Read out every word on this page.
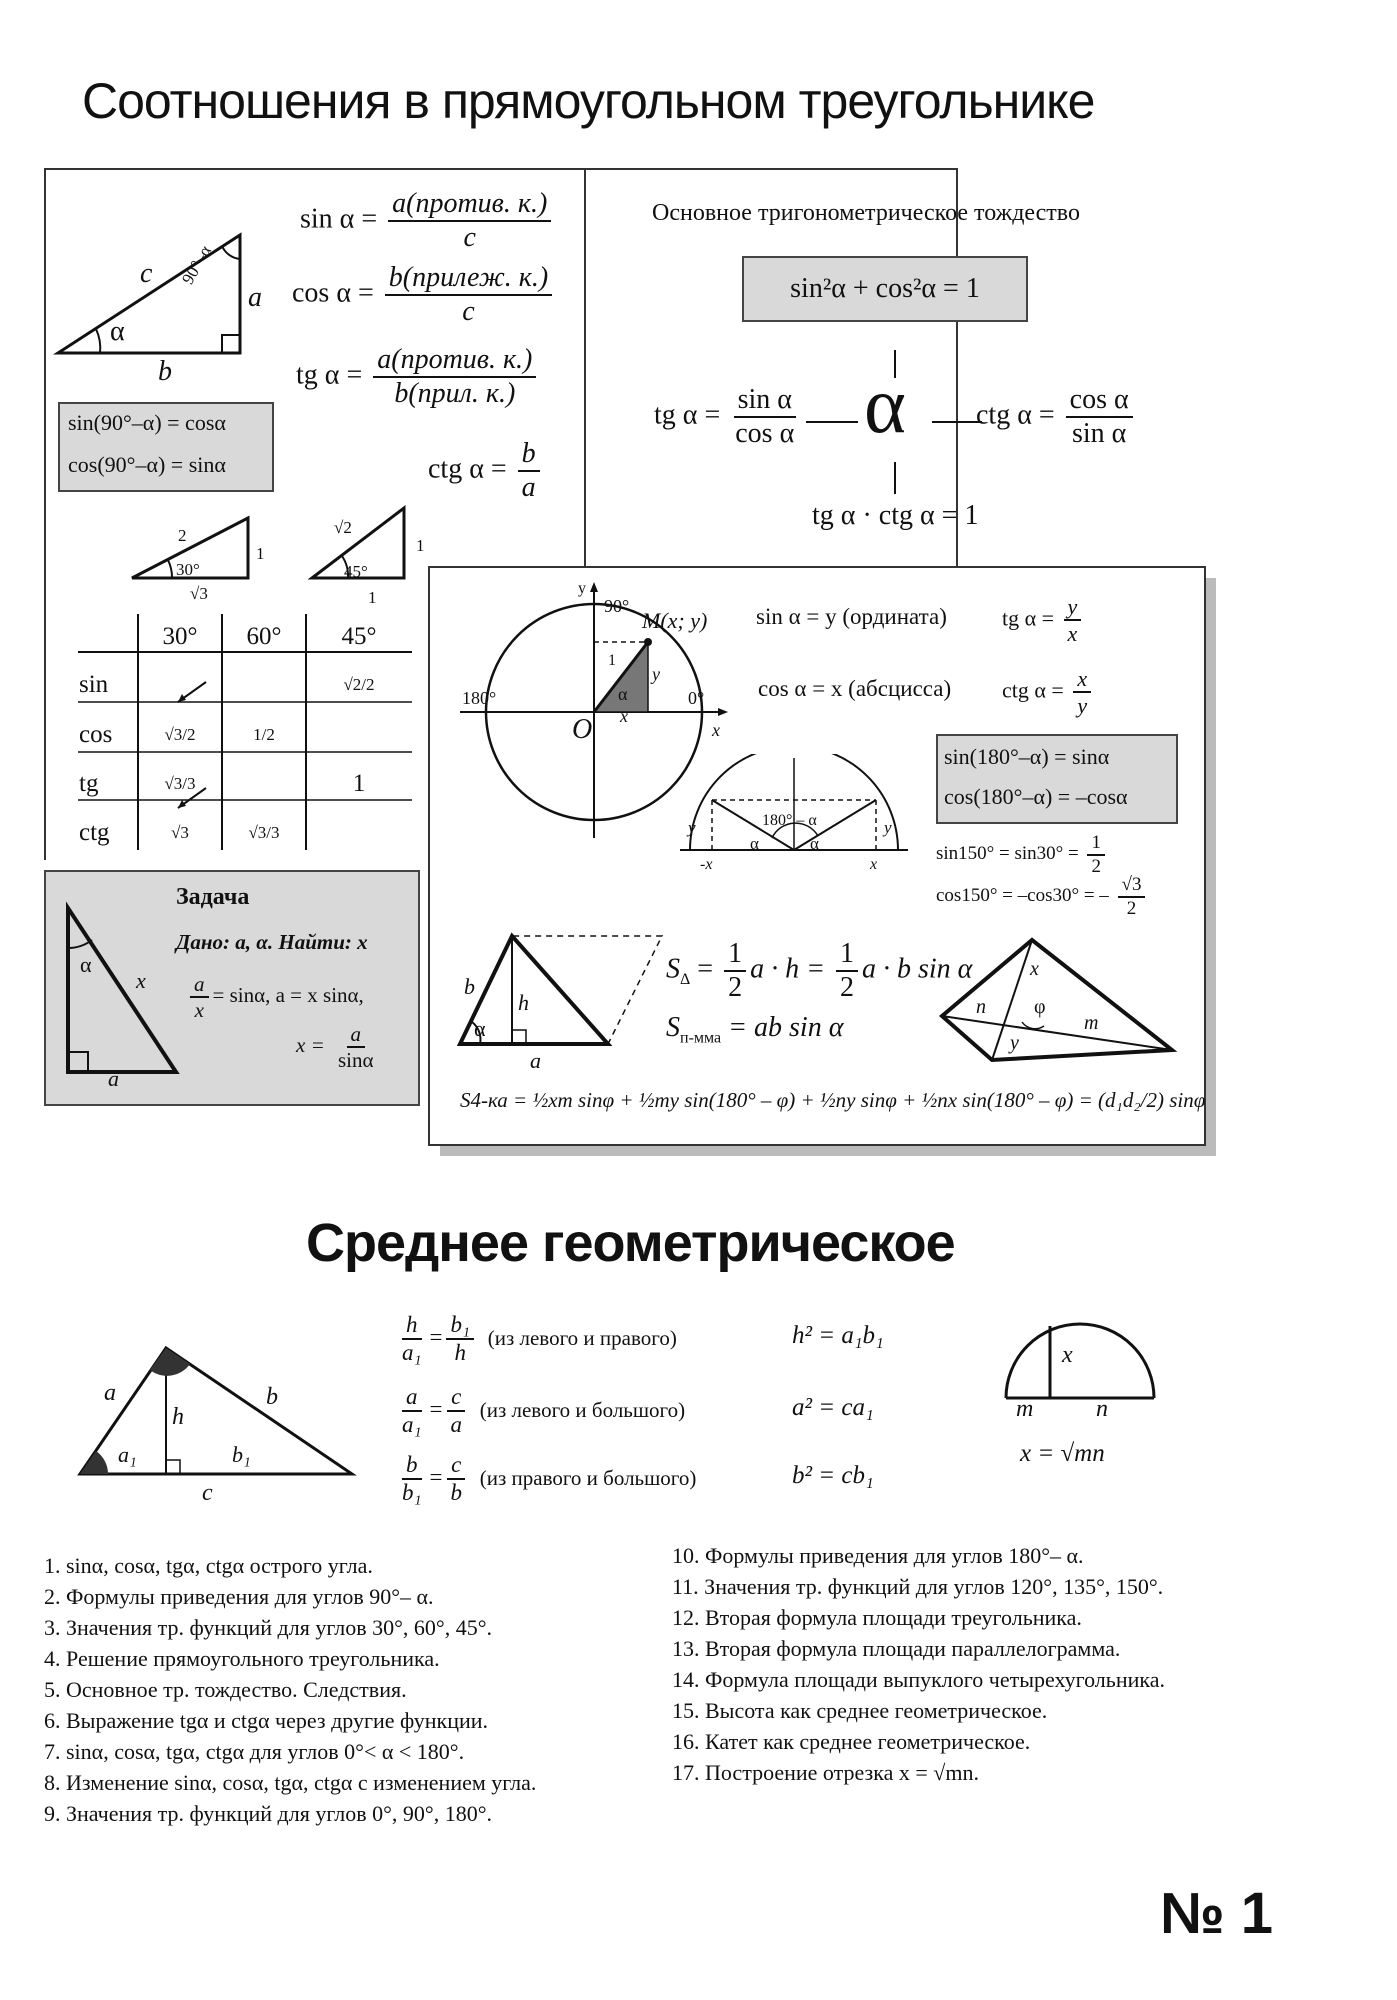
Соотношения в прямоугольном треугольнике
c
a
b
α
90°–α
$\sin \alpha = \frac{\text{a(против. к.)}}{c}$
$\cos \alpha = \frac{\text{b(прилеж. к.)}}{c}$
tg $\alpha = \frac{\text{a(против. к.)}}{\text{b(прил. к.)}}$
ctg $\alpha = \frac{b}{a}$
sin(90°–α) = cosα
cos(90°–α) = sinα
2
1
√3
30°
√2
1
1
45°
	30°	60°	45°
sin			√2/2
cos	√3/2	1/2	
tg	√3/3		1
ctg	√3	√3/3	
Основное тригонометрическое тождество
sin²α + cos²α = 1
tg $\alpha = \frac{\text{sin α}}{\text{cos α}}$ α	ctg $\alpha = \frac{\text{cos α}}{\text{sin α}}$
tg α · ctg α = 1
y
x
O
90°
180°	0°
M(x; y)
1
α
y
x
sin α = y (ордината)
cos α = x (абсцисса)
tg $\alpha = \frac{y}{x}$
ctg $\alpha = \frac{x}{y}$
180° – α
α	α
y	y
-x	x
sin(180°–α) = sinα
cos(180°–α) = –cosα
$\sin 150^\circ = \sin 30^\circ = \frac{1}{2}$
cos150° = –cos30° = – $\frac{√3}{2}$
b
h
a
α
$S_\Delta = \frac{1}{2}$ $a \cdot h = \frac{1}{2}$ a · b sin α
$S_{п-мма}$ = ab sin α
x
n φ
m
y
S4-ка = ½xm sinφ + ½my sin(180° – φ) + ½ny sinφ + ½nx sin(180° – φ) = (d₁d₂/2) sinφ
α
x
a
Задача
Дано: a, α. Найти: x
$\frac{a}{x} = \sin\alpha$, a = x sinα,
$x = \frac{a}{\sin\alpha}$
Среднее геометрическое
a	b
h
a₁	b₁
c
$\frac{h}{\text{a₁}} = \frac{\text{b₁}}{h} (из$ левого и правого)	h² = a₁b₁
$\frac{a}{\text{a₁}} = \frac{c}{a} (из$ левого и большого)	a² = ca₁
$\frac{b}{\text{b₁}} = \frac{c}{b} (из$ правого и большого)	b² = cb₁
x
m	n
x = √mn
1. sinα, cosα, tgα, ctgα острого угла.
2. Формулы приведения для углов 90°– α.
3. Значения тр. функций для углов 30°, 60°, 45°.
4. Решение прямоугольного треугольника.
5. Основное тр. тождество. Следствия.
6. Выражение tgα и ctgα через другие функции.
7. sinα, cosα, tgα, ctgα для углов 0°< α < 180°.
8. Изменение sinα, cosα, tgα, ctgα с изменением угла.
9. Значения тр. функций для углов 0°, 90°, 180°.
10. Формулы приведения для углов 180°– α.
11. Значения тр. функций для углов 120°, 135°, 150°.
12. Вторая формула площади треугольника.
13. Вторая формула площади параллелограмма.
14. Формула площади выпуклого четырехугольника.
15. Высота как среднее геометрическое.
16. Катет как среднее геометрическое.
17. Построение отрезка x = √mn.
№ 1
